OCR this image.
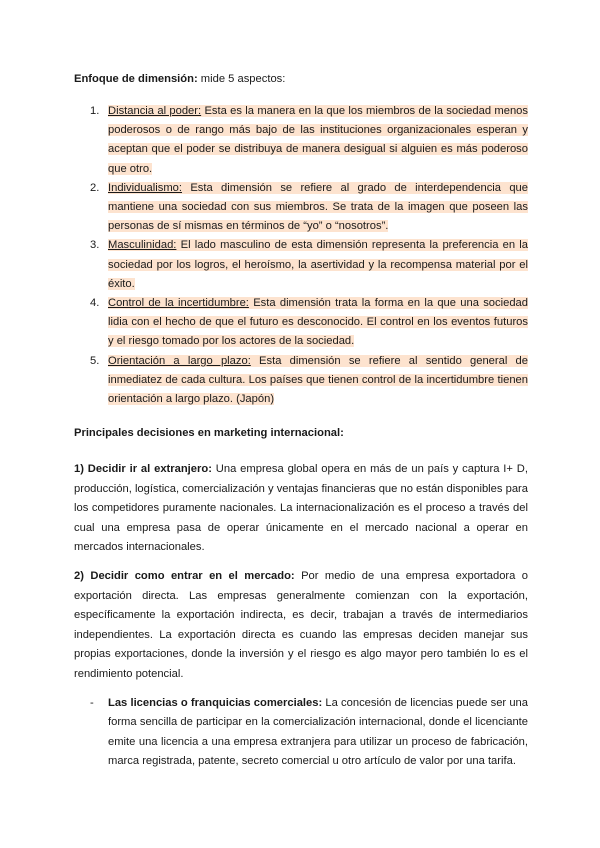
Enfoque de dimensión: mide 5 aspectos:
1. Distancia al poder: Esta es la manera en la que los miembros de la sociedad menos poderosos o de rango más bajo de las instituciones organizacionales esperan y aceptan que el poder se distribuya de manera desigual si alguien es más poderoso que otro.
2. Individualismo: Esta dimensión se refiere al grado de interdependencia que mantiene una sociedad con sus miembros. Se trata de la imagen que poseen las personas de sí mismas en términos de “yo” o “nosotros”.
3. Masculinidad: El lado masculino de esta dimensión representa la preferencia en la sociedad por los logros, el heroísmo, la asertividad y la recompensa material por el éxito.
4. Control de la incertidumbre: Esta dimensión trata la forma en la que una sociedad lidia con el hecho de que el futuro es desconocido. El control en los eventos futuros y el riesgo tomado por los actores de la sociedad.
5. Orientación a largo plazo: Esta dimensión se refiere al sentido general de inmediatez de cada cultura. Los países que tienen control de la incertidumbre tienen orientación a largo plazo. (Japón)
Principales decisiones en marketing internacional:
1) Decidir ir al extranjero: Una empresa global opera en más de un país y captura I+ D, producción, logística, comercialización y ventajas financieras que no están disponibles para los competidores puramente nacionales. La internacionalización es el proceso a través del cual una empresa pasa de operar únicamente en el mercado nacional a operar en mercados internacionales.
2) Decidir como entrar en el mercado: Por medio de una empresa exportadora o exportación directa. Las empresas generalmente comienzan con la exportación, específicamente la exportación indirecta, es decir, trabajan a través de intermediarios independientes. La exportación directa es cuando las empresas deciden manejar sus propias exportaciones, donde la inversión y el riesgo es algo mayor pero también lo es el rendimiento potencial.
- Las licencias o franquicias comerciales: La concesión de licencias puede ser una forma sencilla de participar en la comercialización internacional, donde el licenciante emite una licencia a una empresa extranjera para utilizar un proceso de fabricación, marca registrada, patente, secreto comercial u otro artículo de valor por una tarifa.
